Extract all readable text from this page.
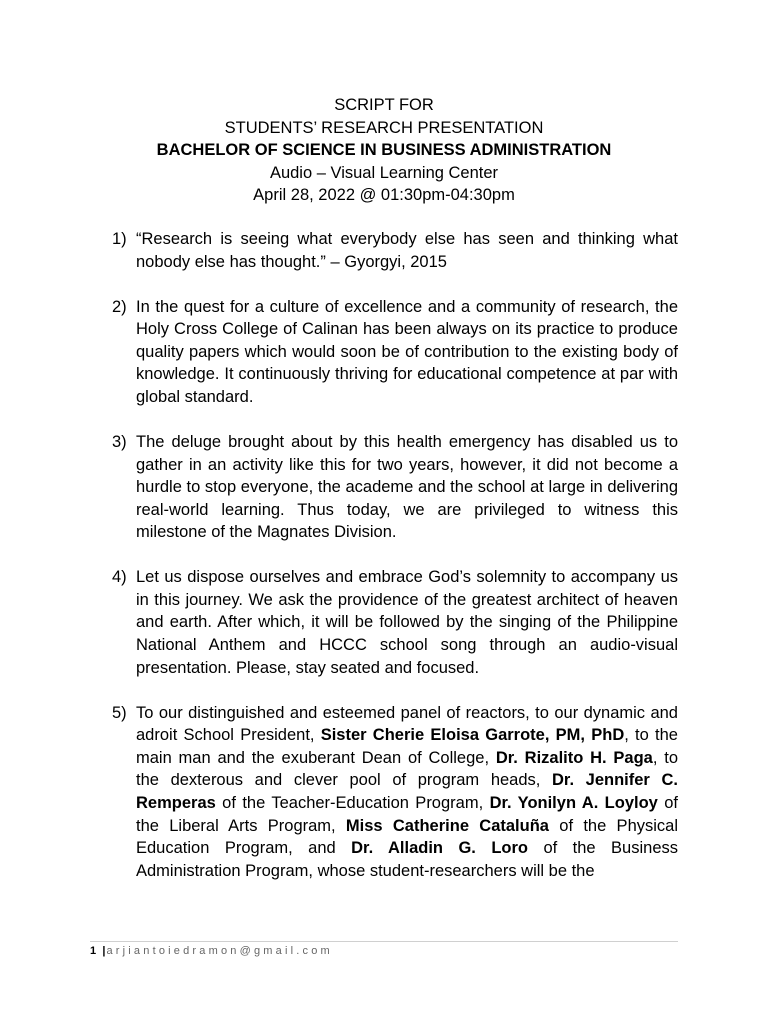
SCRIPT FOR
STUDENTS’ RESEARCH PRESENTATION
BACHELOR OF SCIENCE IN BUSINESS ADMINISTRATION
Audio – Visual Learning Center
April 28, 2022 @ 01:30pm-04:30pm
1) “Research is seeing what everybody else has seen and thinking what nobody else has thought.” – Gyorgyi, 2015
2) In the quest for a culture of excellence and a community of research, the Holy Cross College of Calinan has been always on its practice to produce quality papers which would soon be of contribution to the existing body of knowledge. It continuously thriving for educational competence at par with global standard.
3) The deluge brought about by this health emergency has disabled us to gather in an activity like this for two years, however, it did not become a hurdle to stop everyone, the academe and the school at large in delivering real-world learning. Thus today, we are privileged to witness this milestone of the Magnates Division.
4) Let us dispose ourselves and embrace God’s solemnity to accompany us in this journey. We ask the providence of the greatest architect of heaven and earth. After which, it will be followed by the singing of the Philippine National Anthem and HCCC school song through an audio-visual presentation. Please, stay seated and focused.
5) To our distinguished and esteemed panel of reactors, to our dynamic and adroit School President, Sister Cherie Eloisa Garrote, PM, PhD, to the main man and the exuberant Dean of College, Dr. Rizalito H. Paga, to the dexterous and clever pool of program heads, Dr. Jennifer C. Remperas of the Teacher-Education Program, Dr. Yonilyn A. Loyloy of the Liberal Arts Program, Miss Catherine Cataluña of the Physical Education Program, and Dr. Alladin G. Loro of the Business Administration Program, whose student-researchers will be the
1 |arjiantoiedramon@gmail.com
